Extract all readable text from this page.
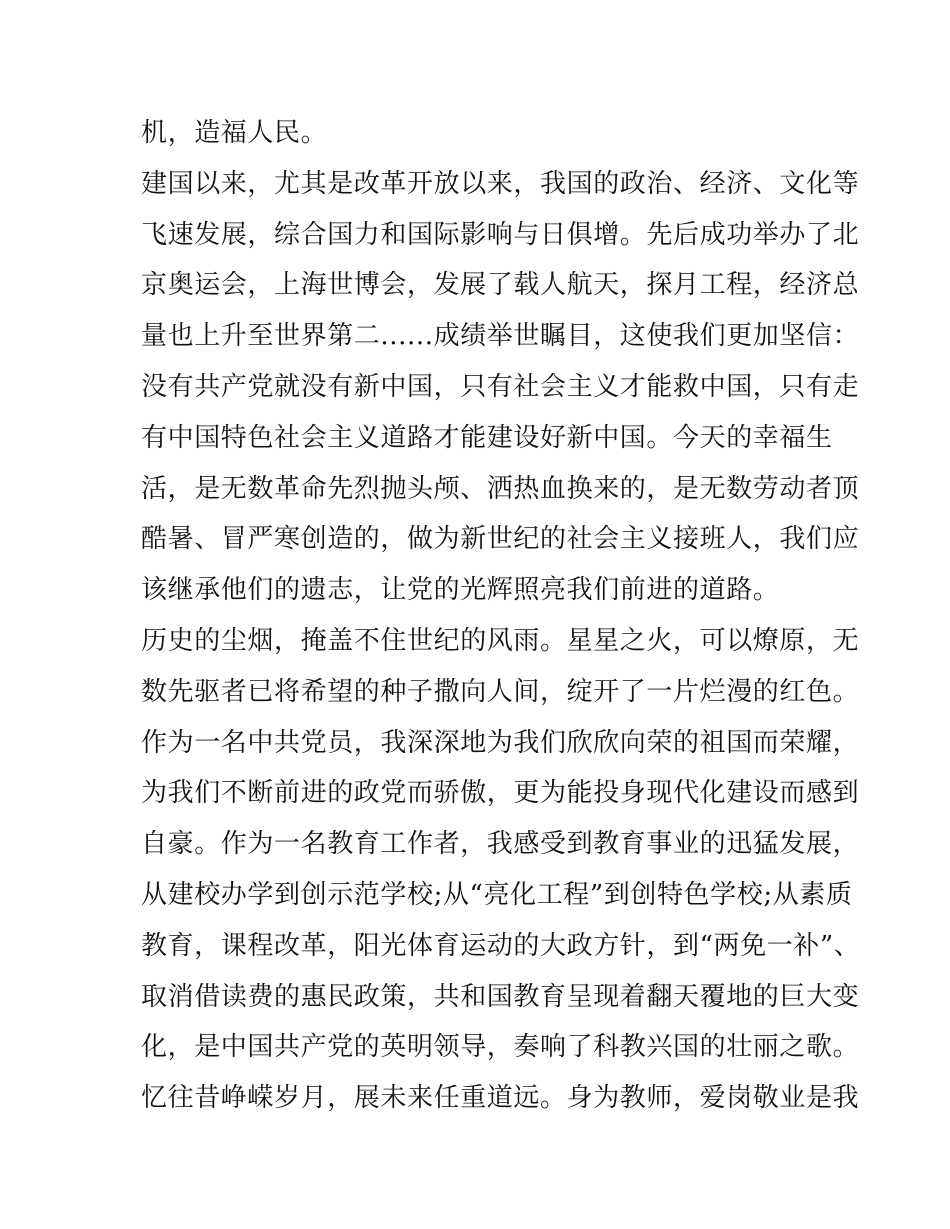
机，造福人民。
建国以来，尤其是改革开放以来，我国的政治、经济、文化等
飞速发展，综合国力和国际影响与日俱增。先后成功举办了北
京奥运会，上海世博会，发展了载人航天，探月工程，经济总
量也上升至世界第二......成绩举世瞩目，这使我们更加坚信：
没有共产党就没有新中国，只有社会主义才能救中国，只有走
有中国特色社会主义道路才能建设好新中国。今天的幸福生
活，是无数革命先烈抛头颅、洒热血换来的，是无数劳动者顶
酷暑、冒严寒创造的，做为新世纪的社会主义接班人，我们应
该继承他们的遗志，让党的光辉照亮我们前进的道路。
历史的尘烟，掩盖不住世纪的风雨。星星之火，可以燎原，无
数先驱者已将希望的种子撒向人间，绽开了一片烂漫的红色。
作为一名中共党员，我深深地为我们欣欣向荣的祖国而荣耀，
为我们不断前进的政党而骄傲，更为能投身现代化建设而感到
自豪。作为一名教育工作者，我感受到教育事业的迅猛发展，
从建校办学到创示范学校;从“亮化工程”到创特色学校;从素质
教育，课程改革，阳光体育运动的大政方针，到“两免一补”、
取消借读费的惠民政策，共和国教育呈现着翻天覆地的巨大变
化，是中国共产党的英明领导，奏响了科教兴国的壮丽之歌。
忆往昔峥嵘岁月，展未来任重道远。身为教师，爱岗敬业是我
